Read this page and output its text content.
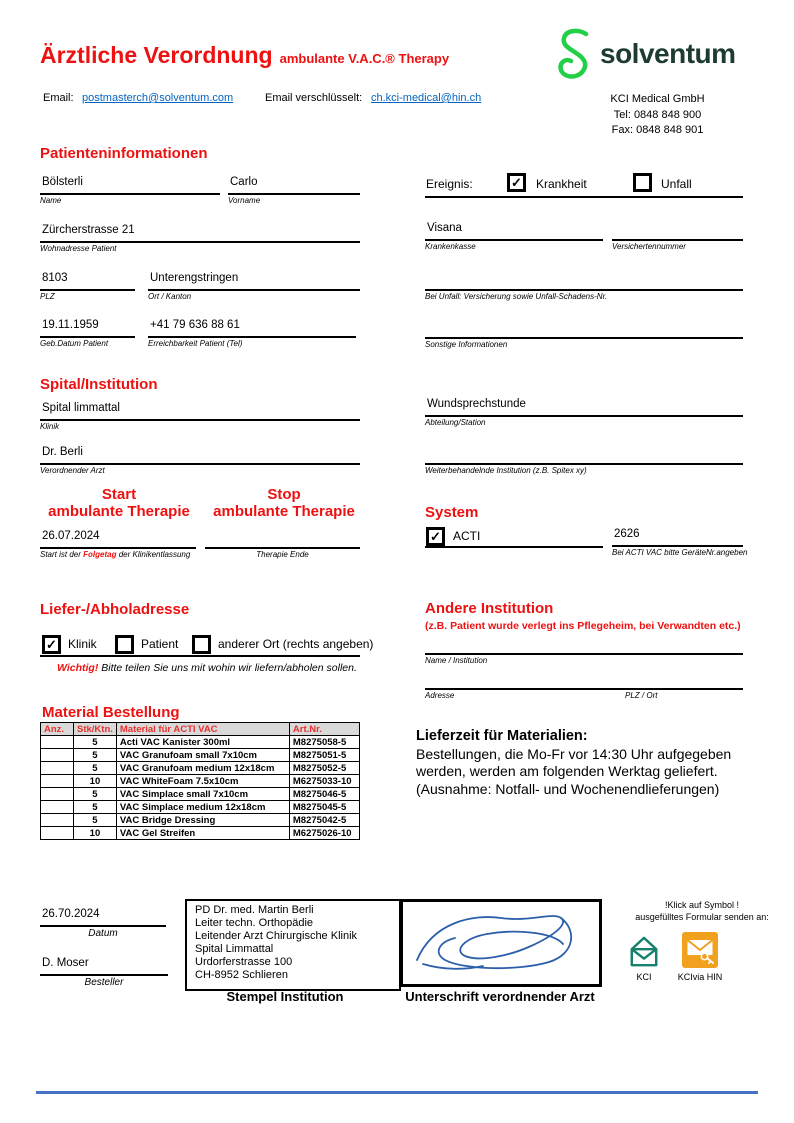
Ärztliche Verordnung ambulante V.A.C.® Therapy
Email: postmasterch@solventum.com	Email verschlüsselt: ch.kci-medical@hin.ch
solventum
KCI Medical GmbH
Tel: 0848 848 900
Fax: 0848 848 901
Patienteninformationen
Bölsterli
Name
Carlo
Vorname
Zürcherstrasse 21
Wohnadresse Patient
8103
PLZ
Unterengstringen
Ort / Kanton
19.11.1959
Geb.Datum Patient
+41 79 636 88 61
Erreichbarkeit Patient (Tel)
Ereignis:	✓	Krankheit	Unfall
Visana
Krankenkasse	Versichertennummer
Bei Unfall: Versicherung sowie Unfall-Schadens-Nr.
Sonstige Informationen
Spital/Institution
Spital limmattal
Klinik
Dr. Berli
Verordnender Arzt
Start
ambulante Therapie
Stop
ambulante Therapie
26.07.2024
Start ist der Folgetag der Klinikentlassung	Therapie Ende
Wundsprechstunde
Abteilung/Station
Weiterbehandelnde Institution (z.B. Spitex xy)
System
✓	ACTI	2626
Bei ACTI VAC bitte GeräteNr.angeben
Liefer-/Abholadresse
✓ Klinik	Patient	anderer Ort (rechts angeben)
Wichtig! Bitte teilen Sie uns mit wohin wir liefern/abholen sollen.
Andere Institution
(z.B. Patient wurde verlegt ins Pflegeheim, bei Verwandten etc.)
Name / Institution
Adresse	PLZ / Ort
Material Bestellung
Anz.	Stk/Ktn.	Material für ACTI VAC	Art.Nr.
	5	Acti VAC Kanister 300ml	M8275058-5
	5	VAC Granufoam small 7x10cm	M8275051-5
	5	VAC Granufoam medium 12x18cm	M8275052-5
	10	VAC WhiteFoam 7.5x10cm	M6275033-10
	5	VAC Simplace small 7x10cm	M8275046-5
	5	VAC Simplace medium 12x18cm	M8275045-5
	5	VAC Bridge Dressing	M8275042-5
	10	VAC Gel Streifen	M6275026-10
Lieferzeit für Materialien:
Bestellungen, die Mo-Fr vor 14:30 Uhr aufgegeben
werden, werden am folgenden Werktag geliefert.
(Ausnahme: Notfall- und Wochenendlieferungen)
26.70.2024
Datum
D. Moser
Besteller
PD Dr. med. Martin Berli
Leiter techn. Orthopädie
Leitender Arzt Chirurgische Klinik
Spital Limmattal
Urdorferstrasse 100
CH-8952 Schlieren
Stempel Institution	Unterschrift verordnender Arzt
!Klick auf Symbol !
ausgefülltes Formular senden an:
KCI	KCIvia HIN
